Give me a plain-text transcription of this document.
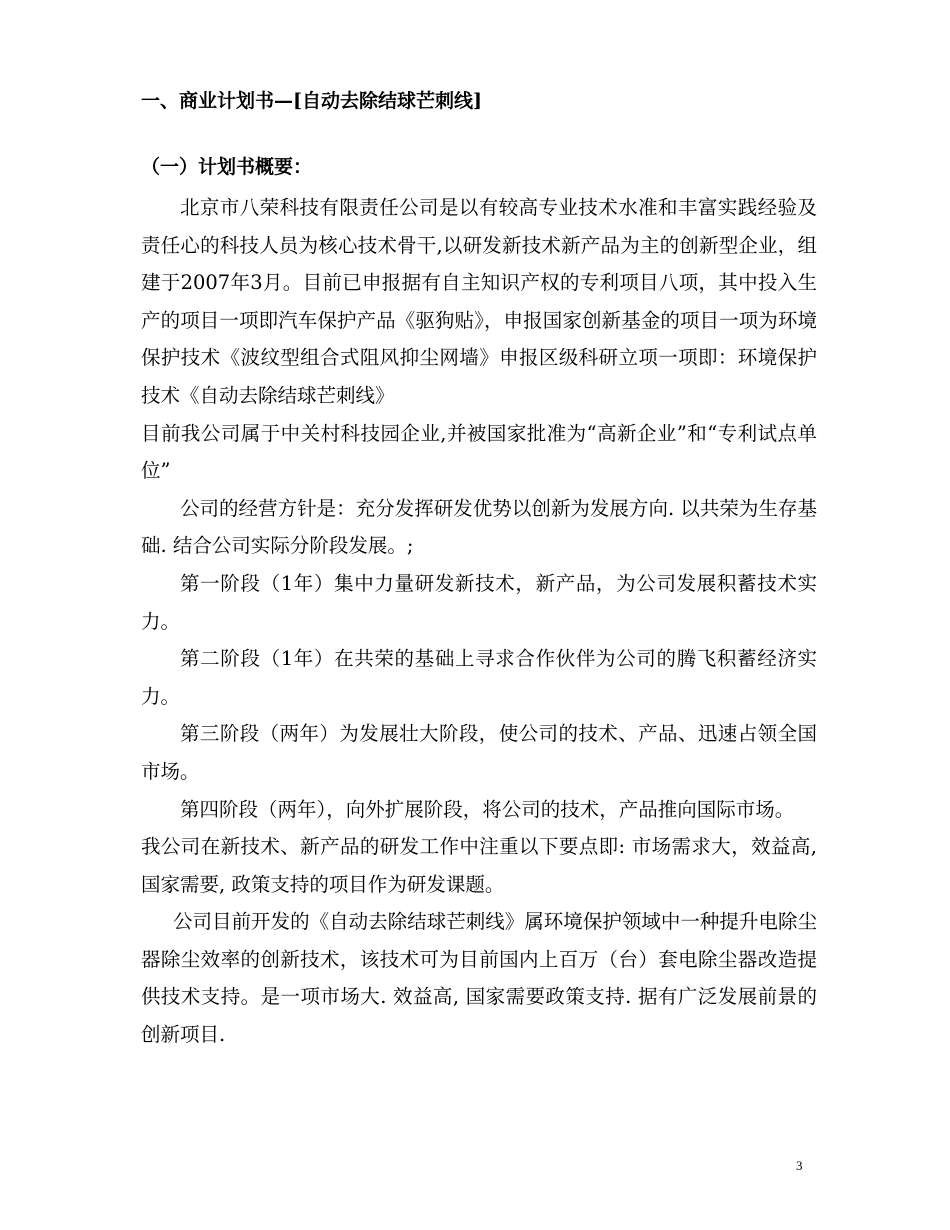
一、商业计划书—[自动去除结球芒刺线]
（一）计划书概要：

北京市八荣科技有限责任公司是以有较高专业技术水准和丰富实践经验及责任心的科技人员为核心技术骨干,以研发新技术新产品为主的创新型企业，组建于2007年3月。目前已申报据有自主知识产权的专利项目八项，其中投入生产的项目一项即汽车保护产品《驱狗贴》，申报国家创新基金的项目一项为环境保护技术《波纹型组合式阻风抑尘网墙》申报区级科研立项一项即：环境保护技术《自动去除结球芒刺线》

目前我公司属于中关村科技园企业,并被国家批准为“高新企业”和“专利试点单位”

公司的经营方针是：充分发挥研发优势以创新为发展方向. 以共荣为生存基础. 结合公司实际分阶段发展。;

第一阶段（1年）集中力量研发新技术，新产品，为公司发展积蓄技术实力。

第二阶段（1年）在共荣的基础上寻求合作伙伴为公司的腾飞积蓄经济实力。

第三阶段（两年）为发展壮大阶段，使公司的技术、产品、迅速占领全国市场。

第四阶段（两年），向外扩展阶段，将公司的技术，产品推向国际市场。

我公司在新技术、新产品的研发工作中注重以下要点即: 市场需求大，效益高, 国家需要, 政策支持的项目作为研发课题。

公司目前开发的《自动去除结球芒刺线》属环境保护领域中一种提升电除尘器除尘效率的创新技术，该技术可为目前国内上百万（台）套电除尘器改造提供技术支持。是一项市场大. 效益高, 国家需要政策支持. 据有广泛发展前景的创新项目.

3
